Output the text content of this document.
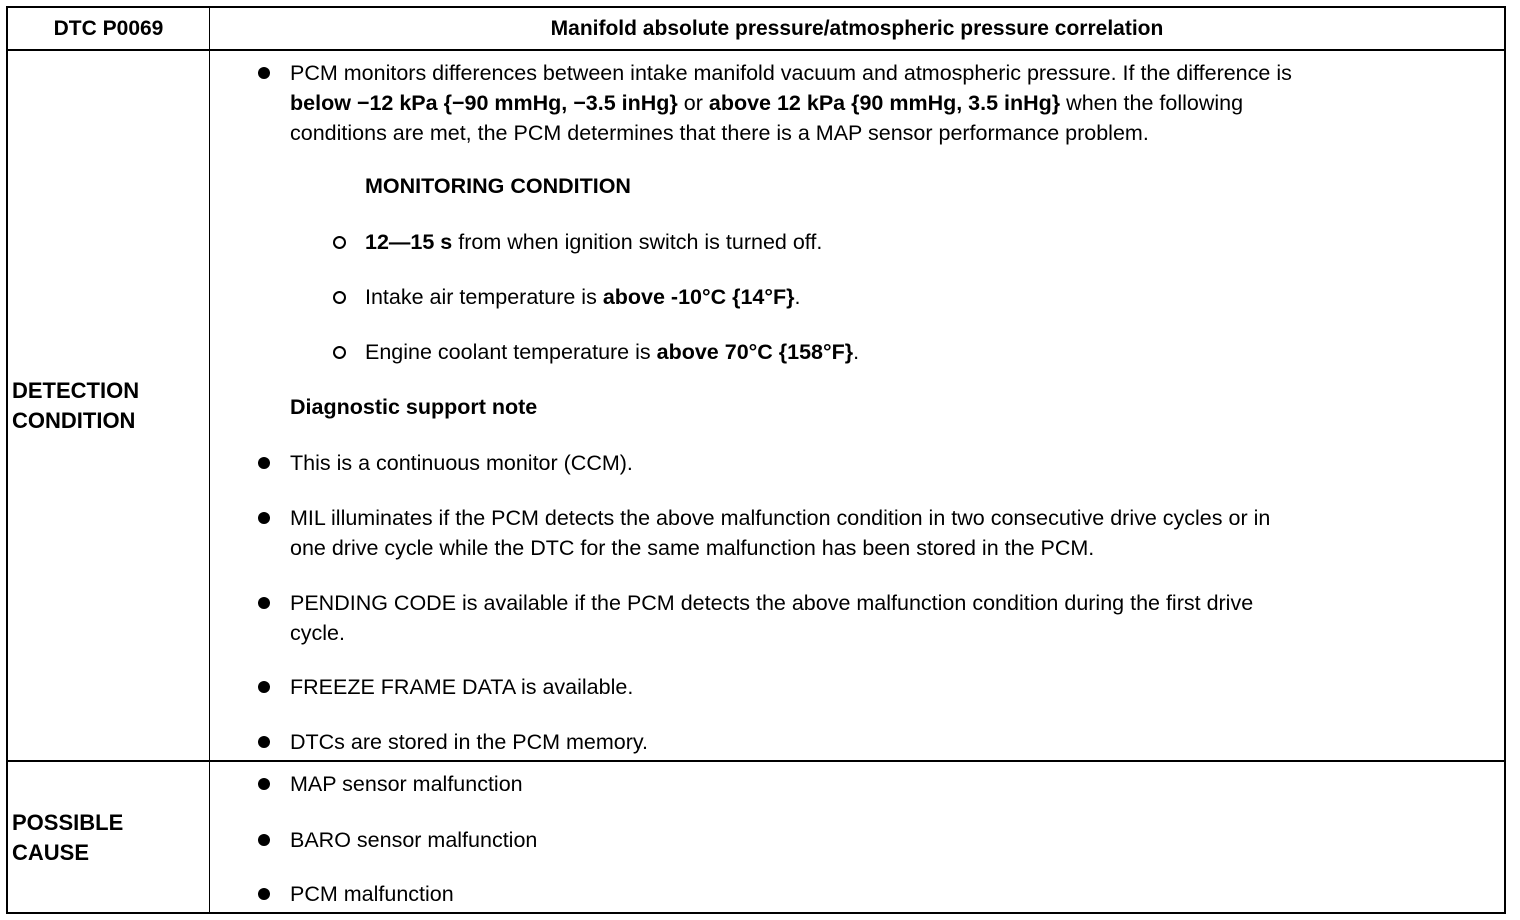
DTC P0069	Manifold absolute pressure/atmospheric pressure correlation
DETECTION
CONDITION
PCM monitors differences between intake manifold vacuum and atmospheric pressure. If the difference is
below −12 kPa {−90 mmHg, −3.5 inHg} or above 12 kPa {90 mmHg, 3.5 inHg} when the following
conditions are met, the PCM determines that there is a MAP sensor performance problem.
MONITORING CONDITION
12—15 s from when ignition switch is turned off.
Intake air temperature is above -10°C {14°F}.
Engine coolant temperature is above 70°C {158°F}.
Diagnostic support note
This is a continuous monitor (CCM).
MIL illuminates if the PCM detects the above malfunction condition in two consecutive drive cycles or in
one drive cycle while the DTC for the same malfunction has been stored in the PCM.
PENDING CODE is available if the PCM detects the above malfunction condition during the first drive
cycle.
FREEZE FRAME DATA is available.
DTCs are stored in the PCM memory.
POSSIBLE
CAUSE
MAP sensor malfunction
BARO sensor malfunction
PCM malfunction
